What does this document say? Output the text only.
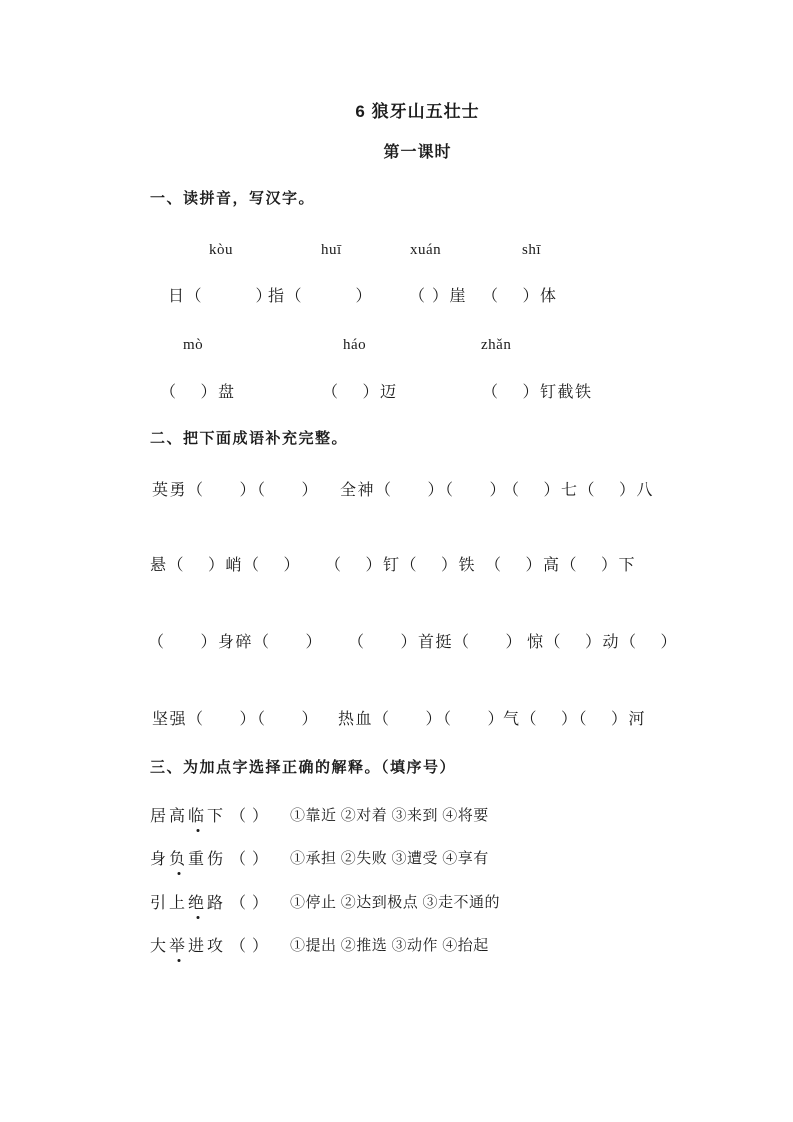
6 狼牙山五壮士
第一课时
一、读拼音，写汉字。

kòu

	huī

	xuán

	shī

日（　　　）

指（　　　）

（ ）崖

（　 ）体

mò

	háo

	zhǎn

（　 ）盘

	（　 ）迈

	（　 ）钉截铁

二、把下面成语补充完整。

英勇（　　）（　　）

全神（　　）（　　）

（　 ）七（　 ）八

悬（　 ）峭（　 ）

（　 ）钉（　 ）铁

（　 ）高（　 ）下

（　　）身碎（　　）

（　　）首挺（　　）

惊（　 ）动（　 ）

坚强（　　）（　　）

热血（　　）（　　）

气（　 ）（　 ）河

三、为加点字选择正确的解释。（填序号）

居高临下 （ ）

①靠近 ②对着 ③来到 ④将要

身负重伤 （ ）

①承担 ②失败 ③遭受 ④享有

引上绝路 （ ）

①停止 ②达到极点 ③走不通的

大举进攻 （ ）

①提出 ②推选 ③动作 ④抬起
